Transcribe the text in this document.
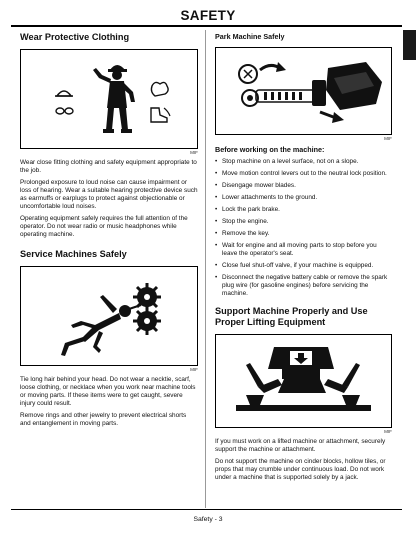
SAFETY
Wear Protective Clothing
MIF

Wear close fitting clothing and safety equipment appropriate to the job.

Prolonged exposure to loud noise can cause impairment or loss of hearing. Wear a suitable hearing protective device such as earmuffs or earplugs to protect against objectionable or uncomfortable loud noises.

Operating equipment safely requires the full attention of the operator. Do not wear radio or music headphones while operating machine.

Service Machines Safely
MIF

Tie long hair behind your head. Do not wear a necktie, scarf, loose clothing, or necklace when you work near machine tools or moving parts. If these items were to get caught, severe injury could result.

Remove rings and other jewelry to prevent electrical shorts and entanglement in moving parts.

Park Machine Safely
MIF
Before working on the machine:
• Stop machine on a level surface, not on a slope.
• Move motion control levers out to the neutral lock position.
• Disengage mower blades.
• Lower attachments to the ground.
• Lock the park brake.
• Stop the engine.
• Remove the key.
• Wait for engine and all moving parts to stop before you leave the operator's seat.
• Close fuel shut-off valve, if your machine is equipped.
• Disconnect the negative battery cable or remove the spark plug wire (for gasoline engines) before servicing the machine.
Support Machine Properly and Use Proper Lifting Equipment
MIF

If you must work on a lifted machine or attachment, securely support the machine or attachment.

Do not support the machine on cinder blocks, hollow tiles, or props that may crumble under continuous load. Do not work under a machine that is supported solely by a jack.

Safety - 3
